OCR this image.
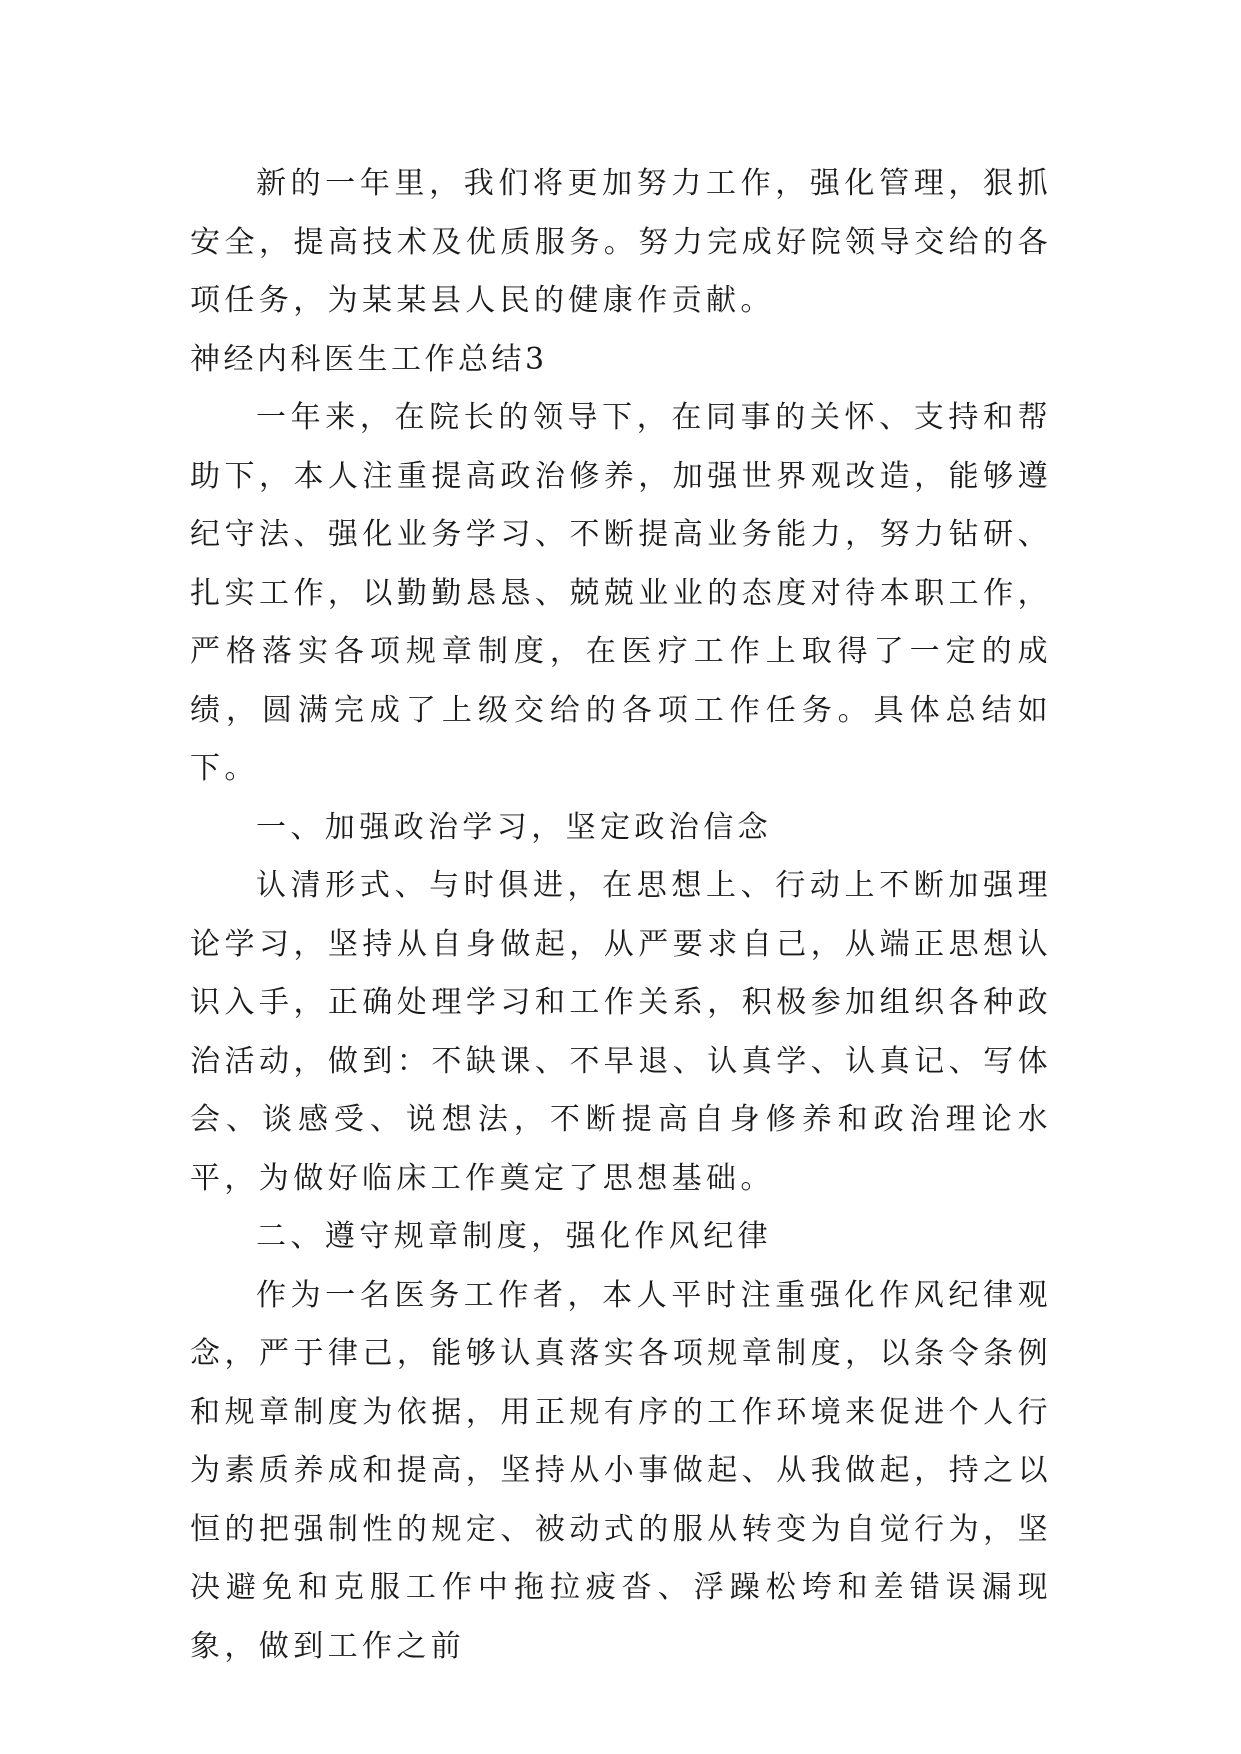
新的一年里，我们将更加努力工作，强化管理，狠抓安全，提高技术及优质服务。努力完成好院领导交给的各项任务，为某某县人民的健康作贡献。

神经内科医生工作总结3

一年来，在院长的领导下，在同事的关怀、支持和帮助下，本人注重提高政治修养，加强世界观改造，能够遵纪守法、强化业务学习、不断提高业务能力，努力钻研、扎实工作，以勤勤恳恳、兢兢业业的态度对待本职工作，严格落实各项规章制度，在医疗工作上取得了一定的成绩，圆满完成了上级交给的各项工作任务。具体总结如下。

一、加强政治学习，坚定政治信念

认清形式、与时俱进，在思想上、行动上不断加强理论学习，坚持从自身做起，从严要求自己，从端正思想认识入手，正确处理学习和工作关系，积极参加组织各种政治活动，做到：不缺课、不早退、认真学、认真记、写体会、谈感受、说想法，不断提高自身修养和政治理论水平，为做好临床工作奠定了思想基础。

二、遵守规章制度，强化作风纪律

作为一名医务工作者，本人平时注重强化作风纪律观念，严于律己，能够认真落实各项规章制度，以条令条例和规章制度为依据，用正规有序的工作环境来促进个人行为素质养成和提高，坚持从小事做起、从我做起，持之以恒的把强制性的规定、被动式的服从转变为自觉行为，坚决避免和克服工作中拖拉疲沓、浮躁松垮和差错误漏现象，做到工作之前
